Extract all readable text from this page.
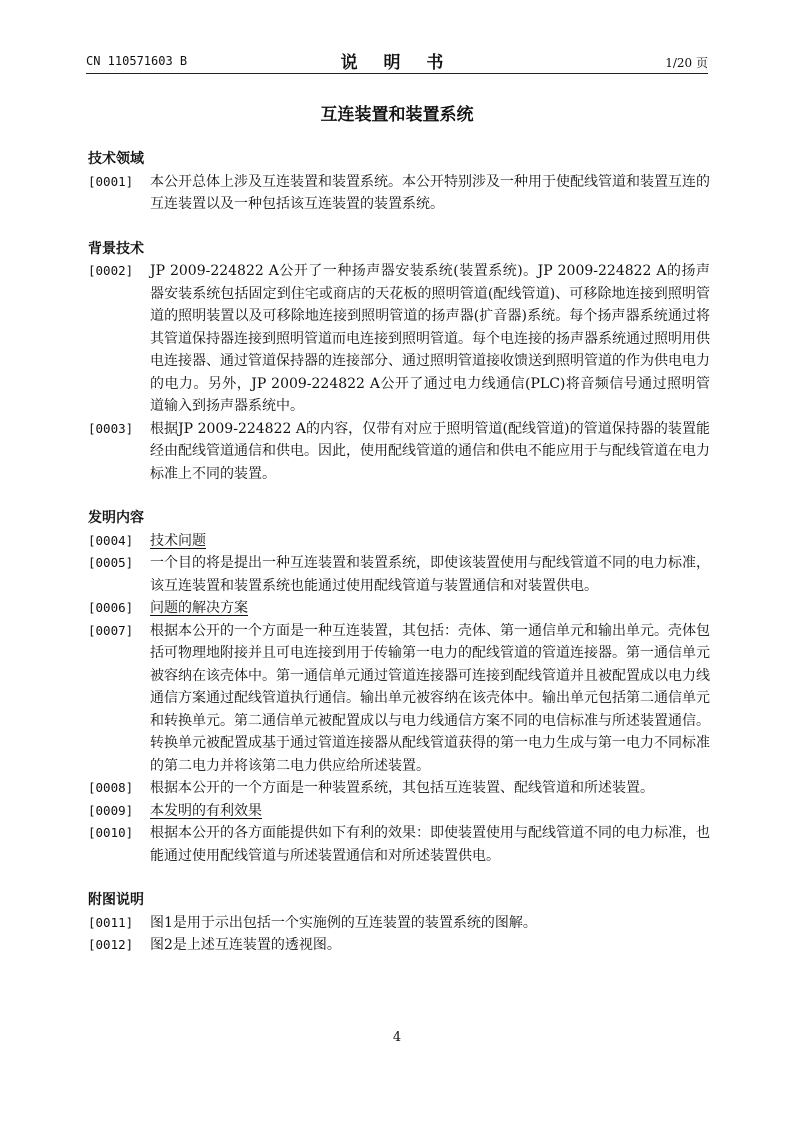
CN 110571603 B	说 明 书	1/20 页
互连装置和装置系统
技术领域
[0001] 本公开总体上涉及互连装置和装置系统。本公开特别涉及一种用于使配线管道和装置互连的互连装置以及一种包括该互连装置的装置系统。
背景技术
[0002] JP 2009-224822 A公开了一种扬声器安装系统(装置系统)。JP 2009-224822 A的扬声器安装系统包括固定到住宅或商店的天花板的照明管道(配线管道)、可移除地连接到照明管道的照明装置以及可移除地连接到照明管道的扬声器(扩音器)系统。每个扬声器系统通过将其管道保持器连接到照明管道而电连接到照明管道。每个电连接的扬声器系统通过照明用供电连接器、通过管道保持器的连接部分、通过照明管道接收馈送到照明管道的作为供电电力的电力。另外，JP 2009-224822 A公开了通过电力线通信(PLC)将音频信号通过照明管道输入到扬声器系统中。
[0003] 根据JP 2009-224822 A的内容，仅带有对应于照明管道(配线管道)的管道保持器的装置能经由配线管道通信和供电。因此，使用配线管道的通信和供电不能应用于与配线管道在电力标准上不同的装置。
发明内容
[0004] 技术问题
[0005] 一个目的将是提出一种互连装置和装置系统，即使该装置使用与配线管道不同的电力标准，该互连装置和装置系统也能通过使用配线管道与装置通信和对装置供电。
[0006] 问题的解决方案
[0007] 根据本公开的一个方面是一种互连装置，其包括：壳体、第一通信单元和输出单元。壳体包括可物理地附接并且可电连接到用于传输第一电力的配线管道的管道连接器。第一通信单元被容纳在该壳体中。第一通信单元通过管道连接器可连接到配线管道并且被配置成以电力线通信方案通过配线管道执行通信。输出单元被容纳在该壳体中。输出单元包括第二通信单元和转换单元。第二通信单元被配置成以与电力线通信方案不同的电信标准与所述装置通信。转换单元被配置成基于通过管道连接器从配线管道获得的第一电力生成与第一电力不同标准的第二电力并将该第二电力供应给所述装置。
[0008] 根据本公开的一个方面是一种装置系统，其包括互连装置、配线管道和所述装置。
[0009] 本发明的有利效果
[0010] 根据本公开的各方面能提供如下有利的效果：即使装置使用与配线管道不同的电力标准，也能通过使用配线管道与所述装置通信和对所述装置供电。
附图说明
[0011] 图1是用于示出包括一个实施例的互连装置的装置系统的图解。
[0012] 图2是上述互连装置的透视图。
4
